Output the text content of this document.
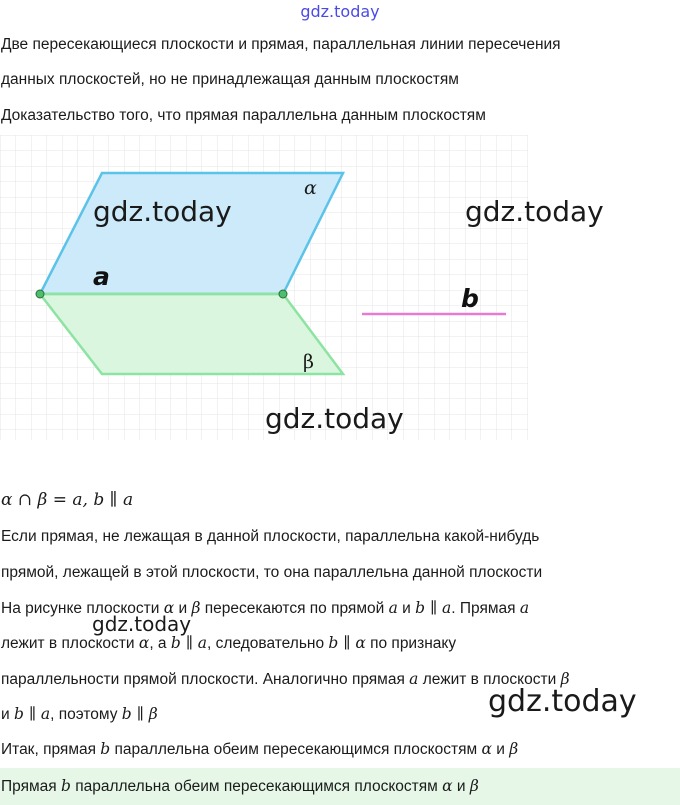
gdz.today
Две пересекающиеся плоскости и прямая, параллельная линии пересечения
данных плоскостей, но не принадлежащая данным плоскостям
Доказательство того, что прямая параллельна данным плоскостям
α
β
a
b
gdz.today	gdz.today
gdz.today
α ∩ β = a, b ∥ a
Если прямая, не лежащая в данной плоскости, параллельна какой-нибудь
прямой, лежащей в этой плоскости, то она параллельна данной плоскости
На рисунке плоскости α и β пересекаются по прямой a и b ∥ a. Прямая a
лежит в плоскости α, а b ∥ a, следовательно b ∥ α по признаку
параллельности прямой плоскости. Аналогично прямая a лежит в плоскости β
и b ∥ a, поэтому b ∥ β
gdz.today
gdz.today
Итак, прямая b параллельна обеим пересекающимся плоскостям α и β
Прямая b параллельна обеим пересекающимся плоскостям α и β
